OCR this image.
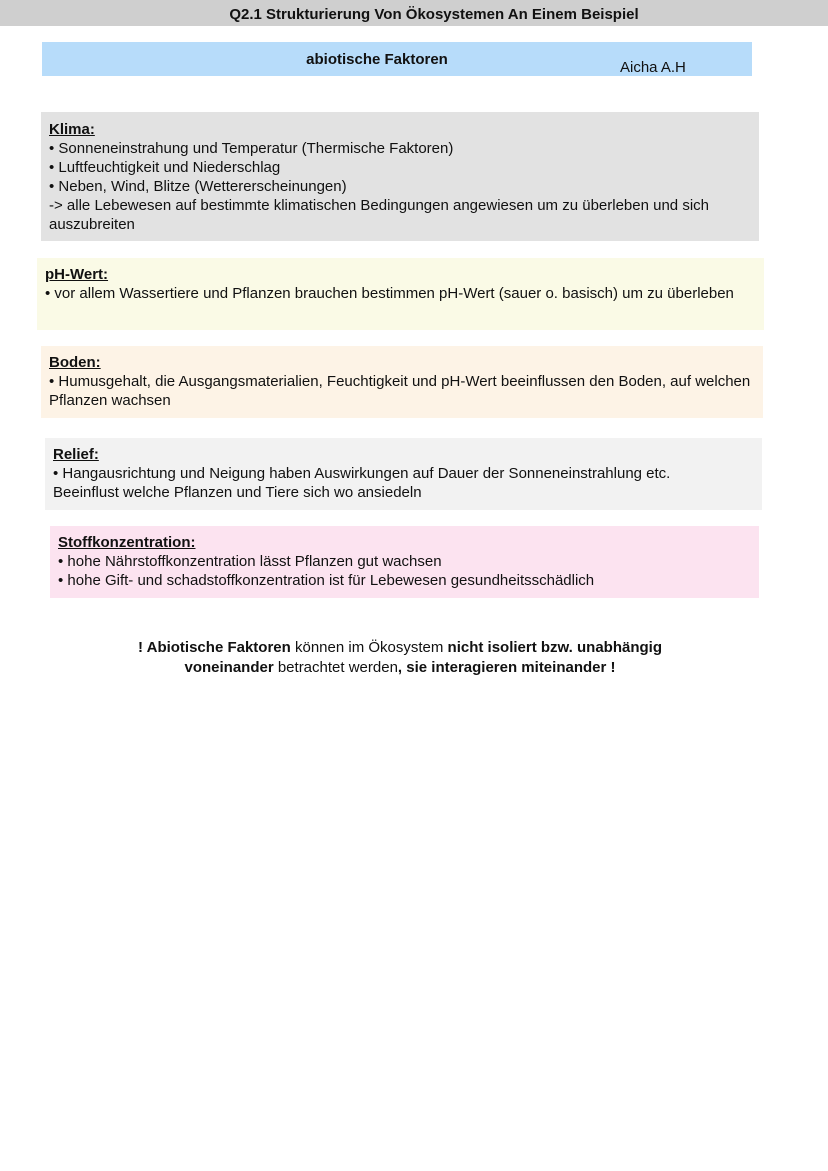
Q2.1 Strukturierung Von Ökosystemen An Einem Beispiel
abiotische Faktoren	Aicha A.H
Klima:

• Sonneneinstrahung und Temperatur (Thermische Faktoren)

• Luftfeuchtigkeit und Niederschlag

• Neben, Wind, Blitze (Wettererscheinungen)

-> alle Lebewesen auf bestimmte klimatischen Bedingungen angewiesen um zu überleben und sich auszubreiten

pH-Wert:

• vor allem Wassertiere und Pflanzen brauchen bestimmen pH-Wert (sauer o. basisch) um zu überleben

Boden:

• Humusgehalt, die Ausgangsmaterialien, Feuchtigkeit und pH-Wert beeinflussen den Boden, auf welchen Pflanzen wachsen

Relief:

• Hangausrichtung und Neigung haben Auswirkungen auf Dauer der Sonneneinstrahlung etc.

Beeinflust welche Pflanzen und Tiere sich wo ansiedeln

Stoffkonzentration:

• hohe Nährstoffkonzentration lässt Pflanzen gut wachsen

• hohe Gift- und schadstoffkonzentration ist für Lebewesen gesundheitsschädlich

! Abiotische Faktoren können im Ökosystem nicht isoliert bzw. unabhängig voneinander betrachtet werden, sie interagieren miteinander !
